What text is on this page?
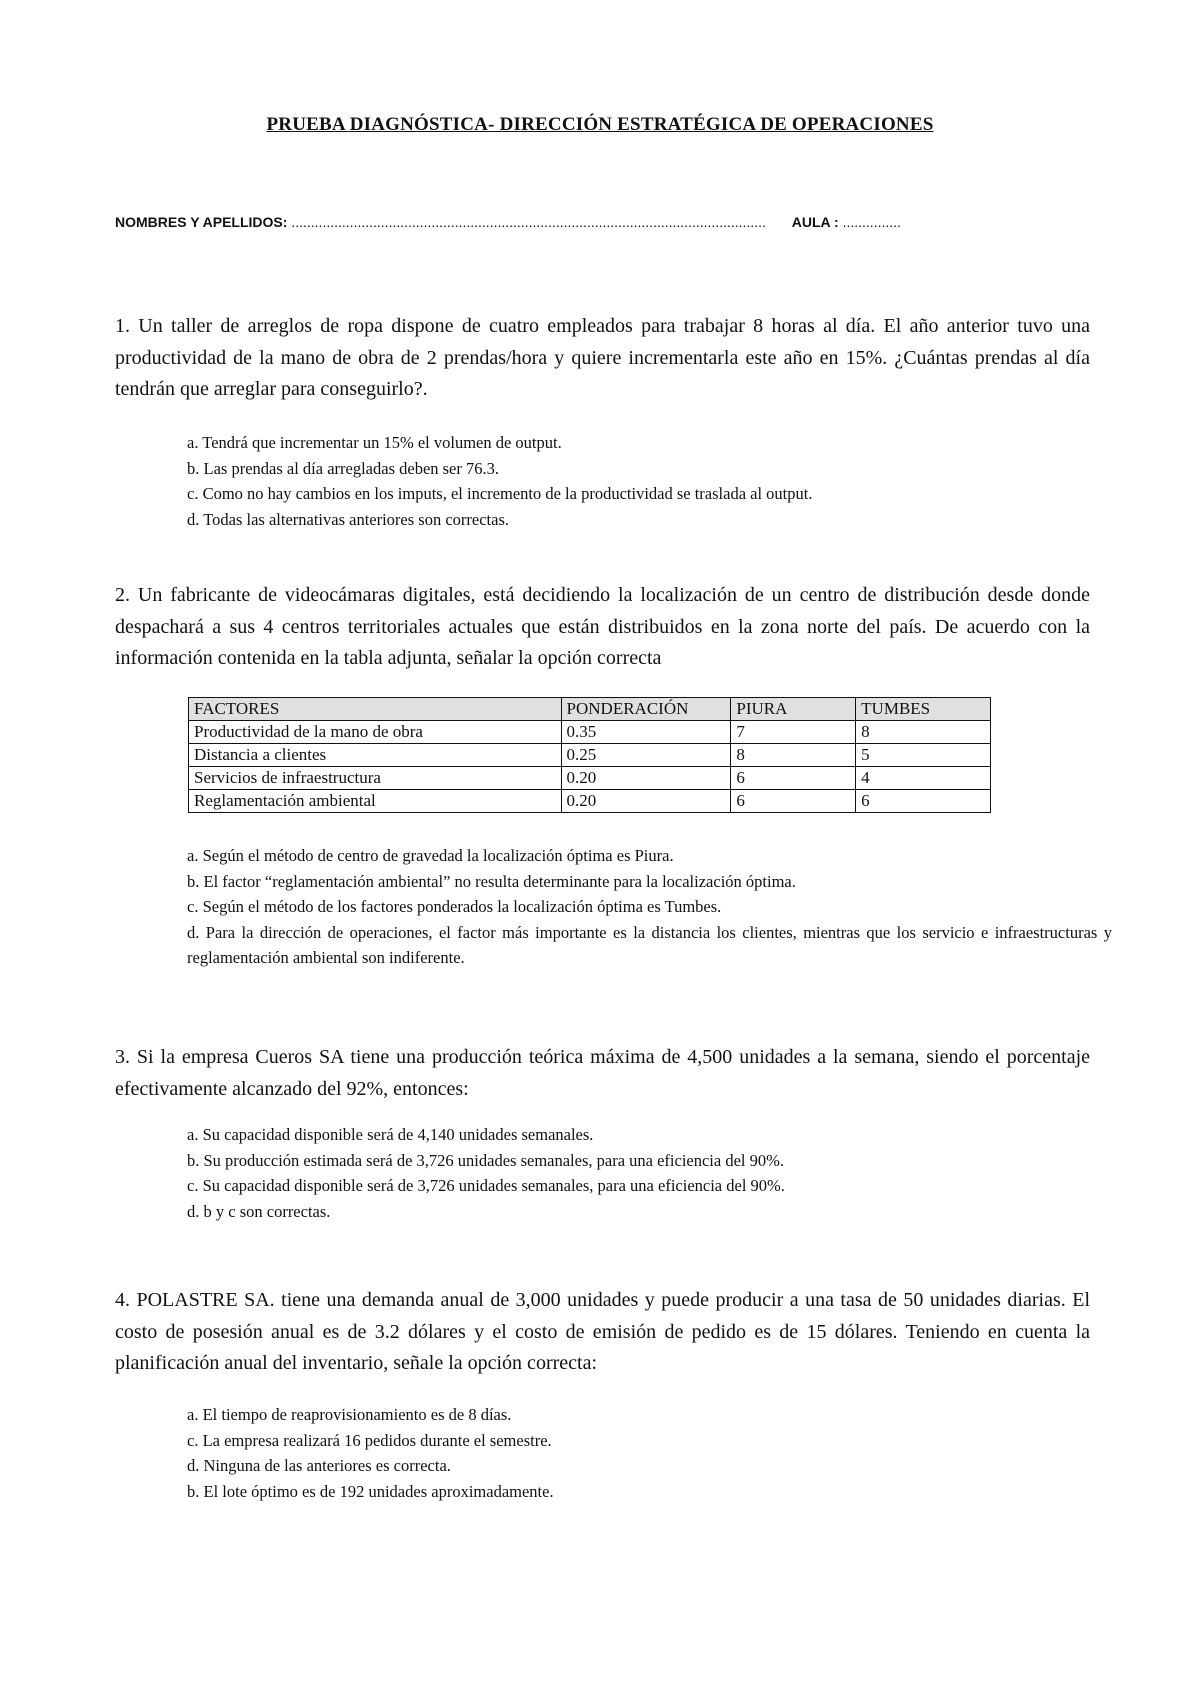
PRUEBA DIAGNÓSTICA- DIRECCIÓN ESTRATÉGICA DE OPERACIONES
NOMBRES Y APELLIDOS: .......................................................................................................................... AULA : ...............
1. Un taller de arreglos de ropa dispone de cuatro empleados para trabajar 8 horas al día. El año anterior tuvo una productividad de la mano de obra de 2 prendas/hora y quiere incrementarla este año en 15%. ¿Cuántas prendas al día tendrán que arreglar para conseguirlo?.
a. Tendrá que incrementar un 15% el volumen de output.
b. Las prendas al día arregladas deben ser 76.3.
c. Como no hay cambios en los imputs, el incremento de la productividad se traslada al output.
d. Todas las alternativas anteriores son correctas.
2. Un fabricante de videocámaras digitales, está decidiendo la localización de un centro de distribución desde donde despachará a sus 4 centros territoriales actuales que están distribuidos en la zona norte del país. De acuerdo con la información contenida en la tabla adjunta, señalar la opción correcta
FACTORES	PONDERACIÓN	PIURA	TUMBES
Productividad de la mano de obra	0.35	7	8
Distancia a clientes	0.25	8	5
Servicios de infraestructura	0.20	6	4
Reglamentación ambiental	0.20	6	6
a. Según el método de centro de gravedad la localización óptima es Piura.
b. El factor “reglamentación ambiental” no resulta determinante para la localización óptima.
c. Según el método de los factores ponderados la localización óptima es Tumbes.
d. Para la dirección de operaciones, el factor más importante es la distancia los clientes, mientras que los servicio e infraestructuras y reglamentación ambiental son indiferente.
3. Si la empresa Cueros SA tiene una producción teórica máxima de 4,500 unidades a la semana, siendo el porcentaje efectivamente alcanzado del 92%, entonces:
a. Su capacidad disponible será de 4,140 unidades semanales.
b. Su producción estimada será de 3,726 unidades semanales, para una eficiencia del 90%.
c. Su capacidad disponible será de 3,726 unidades semanales, para una eficiencia del 90%.
d. b y c son correctas.
4. POLASTRE SA. tiene una demanda anual de 3,000 unidades y puede producir a una tasa de 50 unidades diarias. El costo de posesión anual es de 3.2 dólares y el costo de emisión de pedido es de 15 dólares. Teniendo en cuenta la planificación anual del inventario, señale la opción correcta:
a. El tiempo de reaprovisionamiento es de 8 días.
c. La empresa realizará 16 pedidos durante el semestre.
d. Ninguna de las anteriores es correcta.
b. El lote óptimo es de 192 unidades aproximadamente.
